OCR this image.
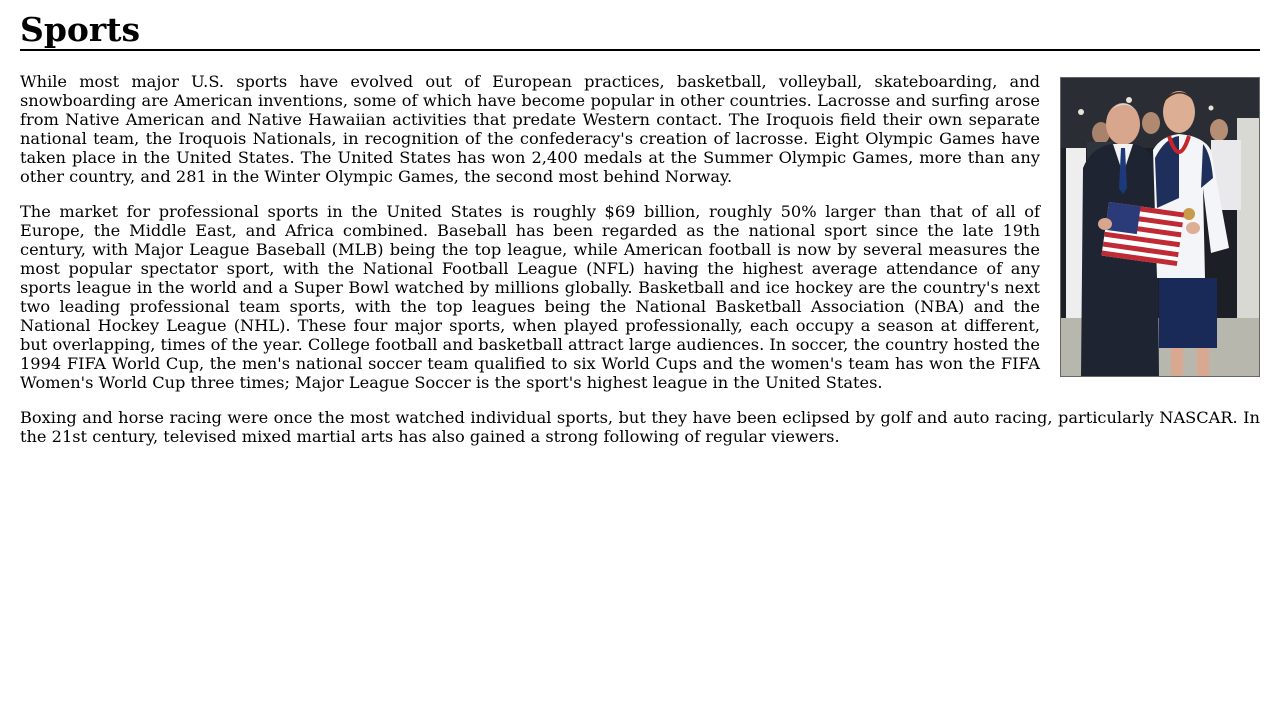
Sports

While most major U.S. sports have evolved out of European practices, basketball, volleyball, skateboarding, and snowboarding are American inventions, some of which have become popular in other countries. Lacrosse and surfing arose from Native American and Native Hawaiian activities that predate Western contact. The Iroquois field their own separate national team, the Iroquois Nationals, in recognition of the confederacy's creation of lacrosse. Eight Olympic Games have taken place in the United States. The United States has won 2,400 medals at the Summer Olympic Games, more than any other country, and 281 in the Winter Olympic Games, the second most behind Norway.

The market for professional sports in the United States is roughly $69 billion, roughly 50% larger than that of all of Europe, the Middle East, and Africa combined. Baseball has been regarded as the national sport since the late 19th century, with Major League Baseball (MLB) being the top league, while American football is now by several measures the most popular spectator sport, with the National Football League (NFL) having the highest average attendance of any sports league in the world and a Super Bowl watched by millions globally. Basketball and ice hockey are the country's next two leading professional team sports, with the top leagues being the National Basketball Association (NBA) and the National Hockey League (NHL). These four major sports, when played professionally, each occupy a season at different, but overlapping, times of the year. College football and basketball attract large audiences. In soccer, the country hosted the 1994 FIFA World Cup, the men's national soccer team qualified to six World Cups and the women's team has won the FIFA Women's World Cup three times; Major League Soccer is the sport's highest league in the United States.

Boxing and horse racing were once the most watched individual sports, but they have been eclipsed by golf and auto racing, particularly NASCAR. In the 21st century, televised mixed martial arts has also gained a strong following of regular viewers.
